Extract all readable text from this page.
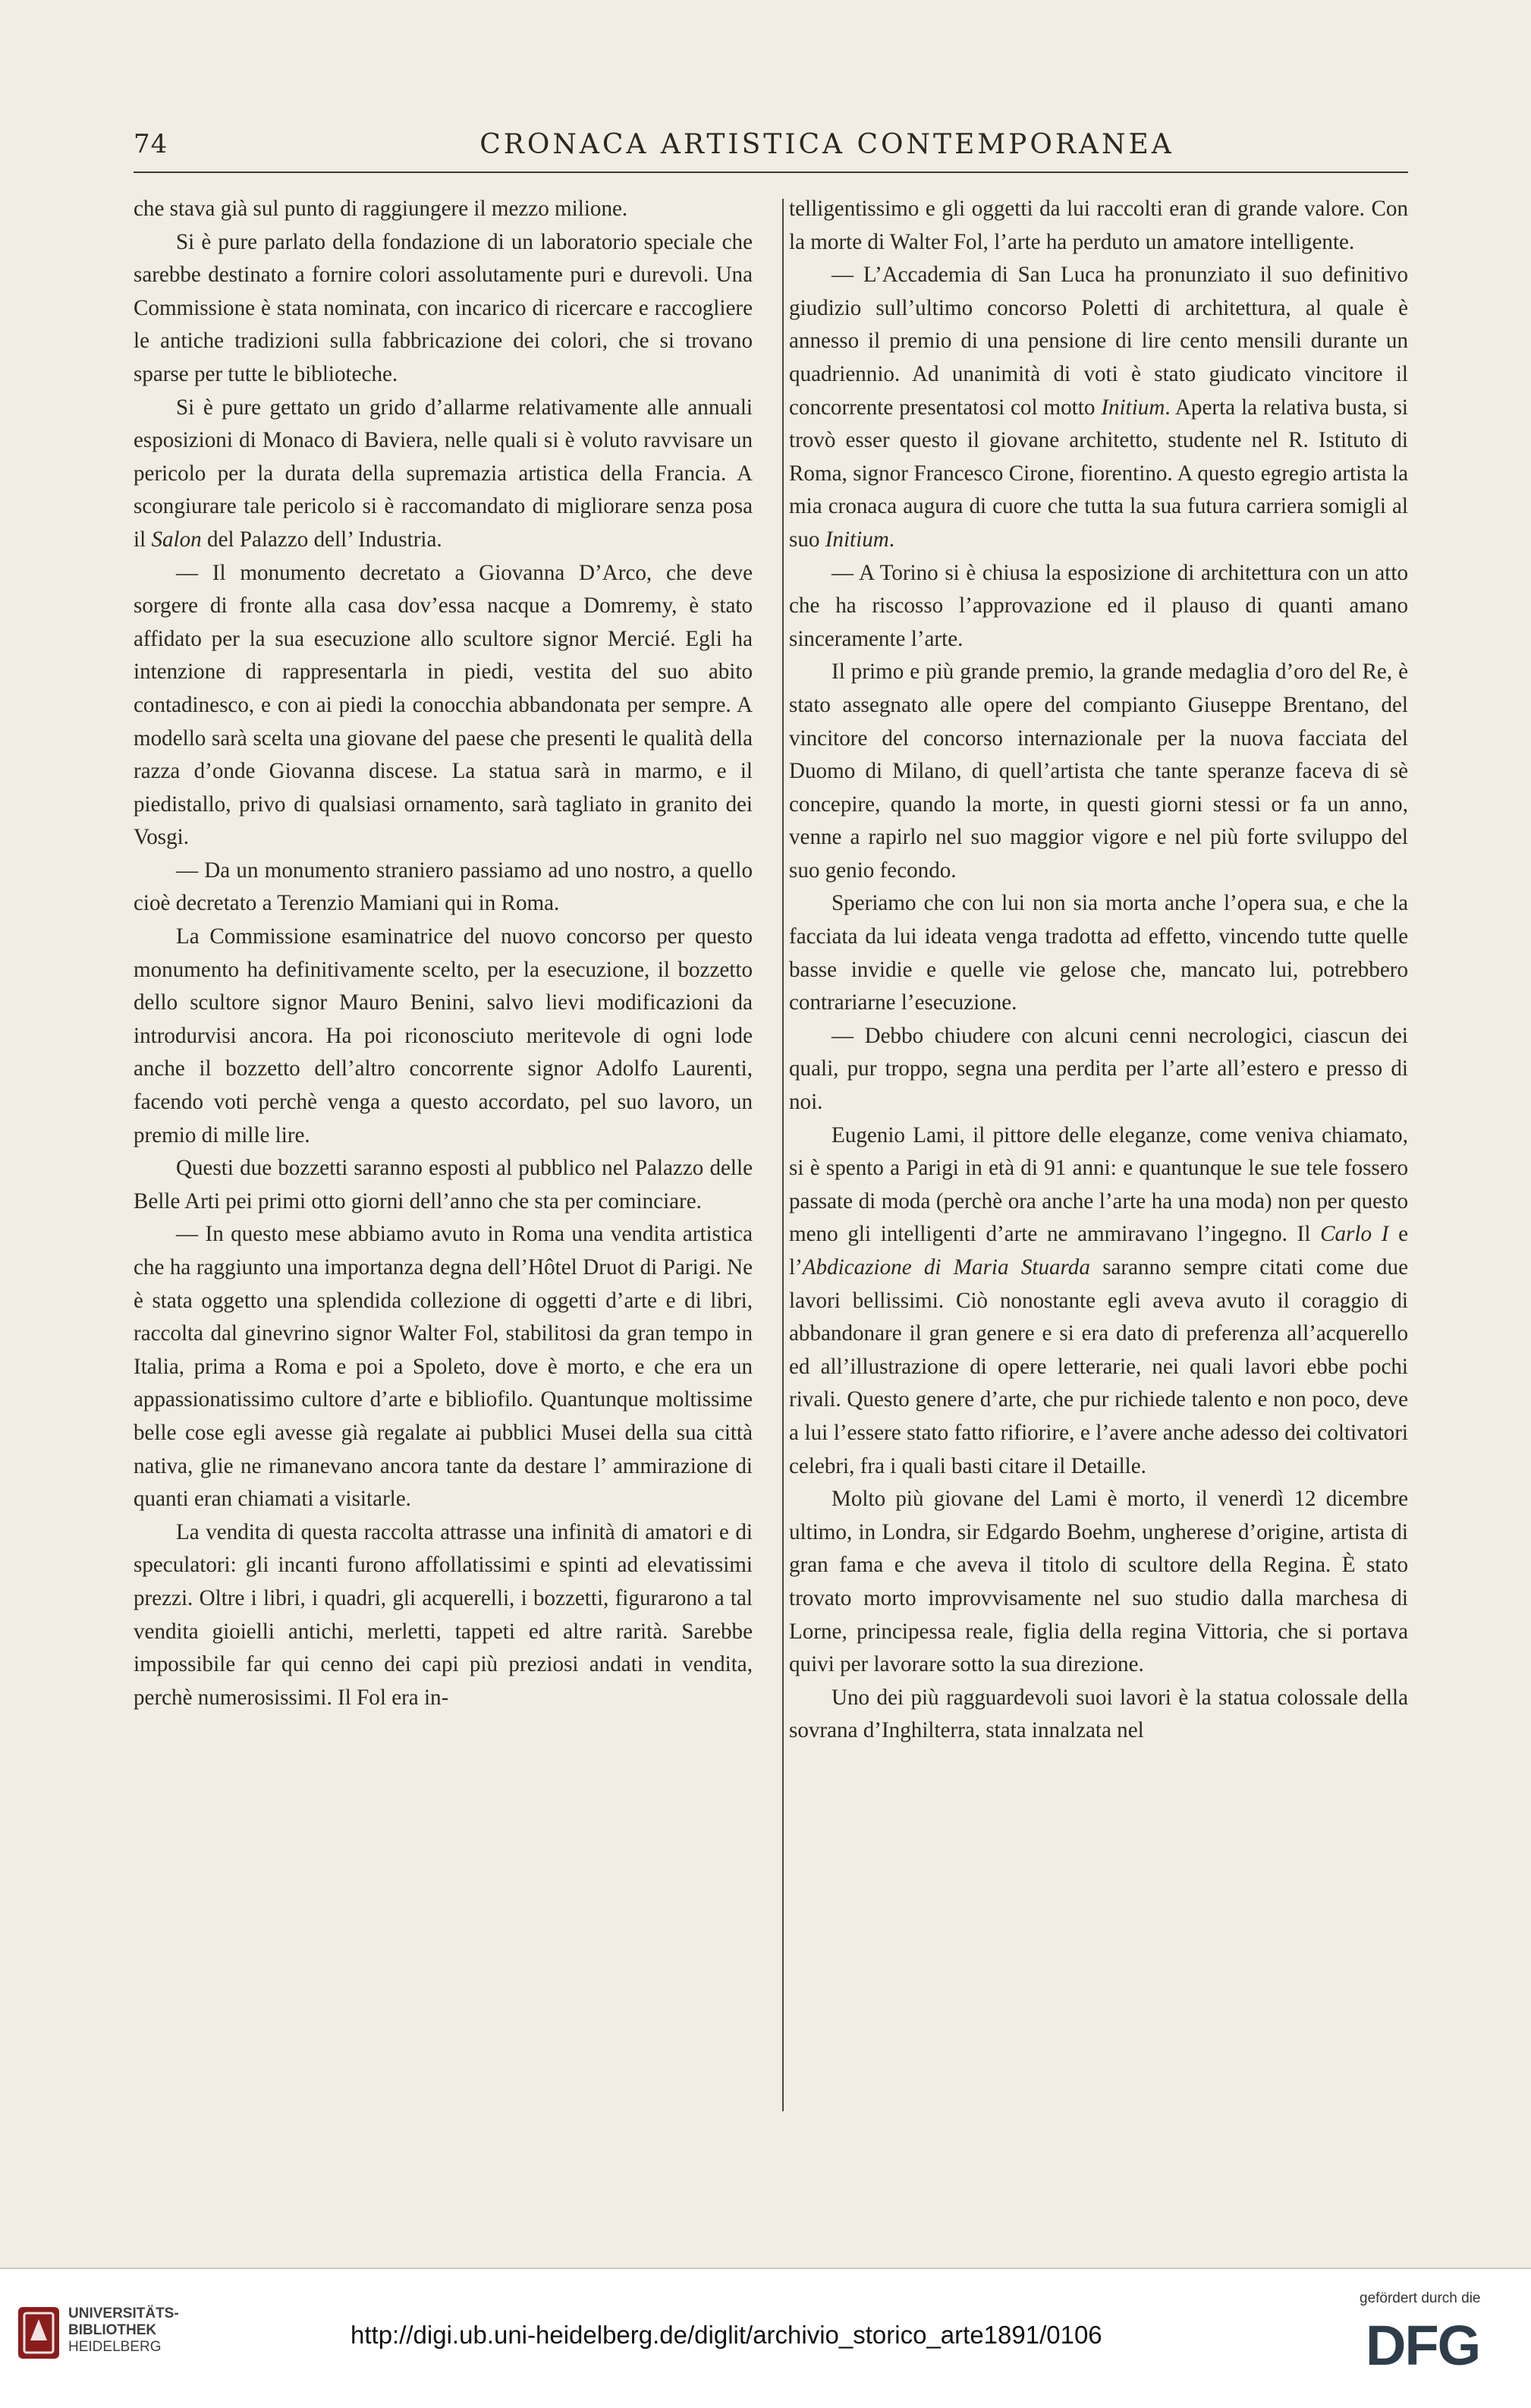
74	CRONACA ARTISTICA CONTEMPORANEA

che stava già sul punto di raggiungere il mezzo milione.

Si è pure parlato della fondazione di un laboratorio speciale che sarebbe destinato a fornire colori assolutamente puri e durevoli. Una Commissione è stata nominata, con incarico di ricercare e raccogliere le antiche tradizioni sulla fabbricazione dei colori, che si trovano sparse per tutte le biblioteche.

Si è pure gettato un grido d’allarme relativamente alle annuali esposizioni di Monaco di Baviera, nelle quali si è voluto ravvisare un pericolo per la durata della supremazia artistica della Francia. A scongiurare tale pericolo si è raccomandato di migliorare senza posa il Salon del Palazzo dell’ Industria.

— Il monumento decretato a Giovanna D’Arco, che deve sorgere di fronte alla casa dov’essa nacque a Domremy, è stato affidato per la sua esecuzione allo scultore signor Mercié. Egli ha intenzione di rappresentarla in piedi, vestita del suo abito contadinesco, e con ai piedi la conocchia abbandonata per sempre. A modello sarà scelta una giovane del paese che presenti le qualità della razza d’onde Giovanna discese. La statua sarà in marmo, e il piedistallo, privo di qualsiasi ornamento, sarà tagliato in granito dei Vosgi.

— Da un monumento straniero passiamo ad uno nostro, a quello cioè decretato a Terenzio Mamiani qui in Roma.

La Commissione esaminatrice del nuovo concorso per questo monumento ha definitivamente scelto, per la esecuzione, il bozzetto dello scultore signor Mauro Benini, salvo lievi modificazioni da introdurvisi ancora. Ha poi riconosciuto meritevole di ogni lode anche il bozzetto dell’altro concorrente signor Adolfo Laurenti, facendo voti perchè venga a questo accordato, pel suo lavoro, un premio di mille lire.

Questi due bozzetti saranno esposti al pubblico nel Palazzo delle Belle Arti pei primi otto giorni dell’anno che sta per cominciare.

— In questo mese abbiamo avuto in Roma una vendita artistica che ha raggiunto una importanza degna dell’Hôtel Druot di Parigi. Ne è stata oggetto una splendida collezione di oggetti d’arte e di libri, raccolta dal ginevrino signor Walter Fol, stabilitosi da gran tempo in Italia, prima a Roma e poi a Spoleto, dove è morto, e che era un appassionatissimo cultore d’arte e bibliofilo. Quantunque moltissime belle cose egli avesse già regalate ai pubblici Musei della sua città nativa, glie ne rimanevano ancora tante da destare l’ ammirazione di quanti eran chiamati a visitarle.

La vendita di questa raccolta attrasse una infinità di amatori e di speculatori: gli incanti furono affollatissimi e spinti ad elevatissimi prezzi. Oltre i libri, i quadri, gli acquerelli, i bozzetti, figurarono a tal vendita gioielli antichi, merletti, tappeti ed altre rarità. Sarebbe impossibile far qui cenno dei capi più preziosi andati in vendita, perchè numerosissimi. Il Fol era in-

telligentissimo e gli oggetti da lui raccolti eran di grande valore. Con la morte di Walter Fol, l’arte ha perduto un amatore intelligente.

— L’Accademia di San Luca ha pronunziato il suo definitivo giudizio sull’ultimo concorso Poletti di architettura, al quale è annesso il premio di una pensione di lire cento mensili durante un quadriennio. Ad unanimità di voti è stato giudicato vincitore il concorrente presentatosi col motto Initium. Aperta la relativa busta, si trovò esser questo il giovane architetto, studente nel R. Istituto di Roma, signor Francesco Cirone, fiorentino. A questo egregio artista la mia cronaca augura di cuore che tutta la sua futura carriera somigli al suo Initium.

— A Torino si è chiusa la esposizione di architettura con un atto che ha riscosso l’approvazione ed il plauso di quanti amano sinceramente l’arte.

Il primo e più grande premio, la grande medaglia d’oro del Re, è stato assegnato alle opere del compianto Giuseppe Brentano, del vincitore del concorso internazionale per la nuova facciata del Duomo di Milano, di quell’artista che tante speranze faceva di sè concepire, quando la morte, in questi giorni stessi or fa un anno, venne a rapirlo nel suo maggior vigore e nel più forte sviluppo del suo genio fecondo.

Speriamo che con lui non sia morta anche l’opera sua, e che la facciata da lui ideata venga tradotta ad effetto, vincendo tutte quelle basse invidie e quelle vie gelose che, mancato lui, potrebbero contrariarne l’esecuzione.

— Debbo chiudere con alcuni cenni necrologici, ciascun dei quali, pur troppo, segna una perdita per l’arte all’estero e presso di noi.

Eugenio Lami, il pittore delle eleganze, come veniva chiamato, si è spento a Parigi in età di 91 anni: e quantunque le sue tele fossero passate di moda (perchè ora anche l’arte ha una moda) non per questo meno gli intelligenti d’arte ne ammiravano l’ingegno. Il Carlo I e l’Abdicazione di Maria Stuarda saranno sempre citati come due lavori bellissimi. Ciò nonostante egli aveva avuto il coraggio di abbandonare il gran genere e si era dato di preferenza all’acquerello ed all’illustrazione di opere letterarie, nei quali lavori ebbe pochi rivali. Questo genere d’arte, che pur richiede talento e non poco, deve a lui l’essere stato fatto rifiorire, e l’avere anche adesso dei coltivatori celebri, fra i quali basti citare il Detaille.

Molto più giovane del Lami è morto, il venerdì 12 dicembre ultimo, in Londra, sir Edgardo Boehm, ungherese d’origine, artista di gran fama e che aveva il titolo di scultore della Regina. È stato trovato morto improvvisamente nel suo studio dalla marchesa di Lorne, principessa reale, figlia della regina Vittoria, che si portava quivi per lavorare sotto la sua direzione.

Uno dei più ragguardevoli suoi lavori è la statua colossale della sovrana d’Inghilterra, stata innalzata nel

UNIVERSITÄTS-
BIBLIOTHEK
HEIDELBERG	http://digi.ub.uni-heidelberg.de/diglit/archivio_storico_arte1891/0106
gefördert durch die
DFG
